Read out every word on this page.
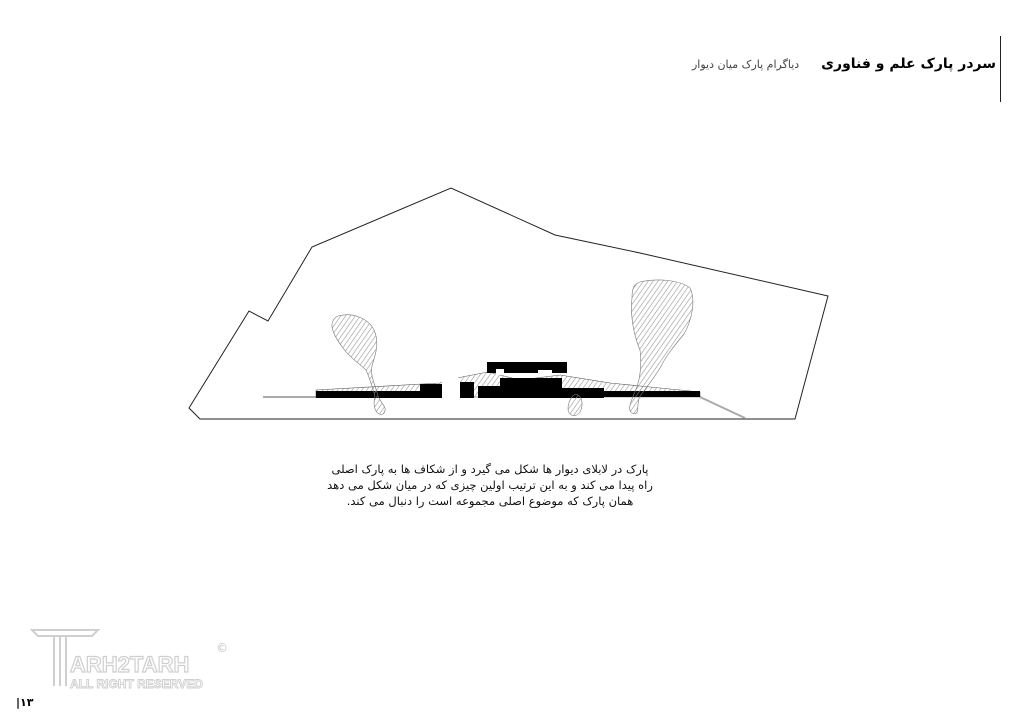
سردر پارک علم و فناوری
دیاگرام پارک میان دیوار
پارک در لابلای دیوار ها شکل می گیرد و از شکاف ها به پارک اصلی
راه پیدا می کند و به این ترتیب اولین چیزی که در میان شکل می دهد
همان پارک که موضوع اصلی مجموعه است را دنبال می کند.
ARH2TARH
ALL RIGHT RESERVED
©
|۱۳
